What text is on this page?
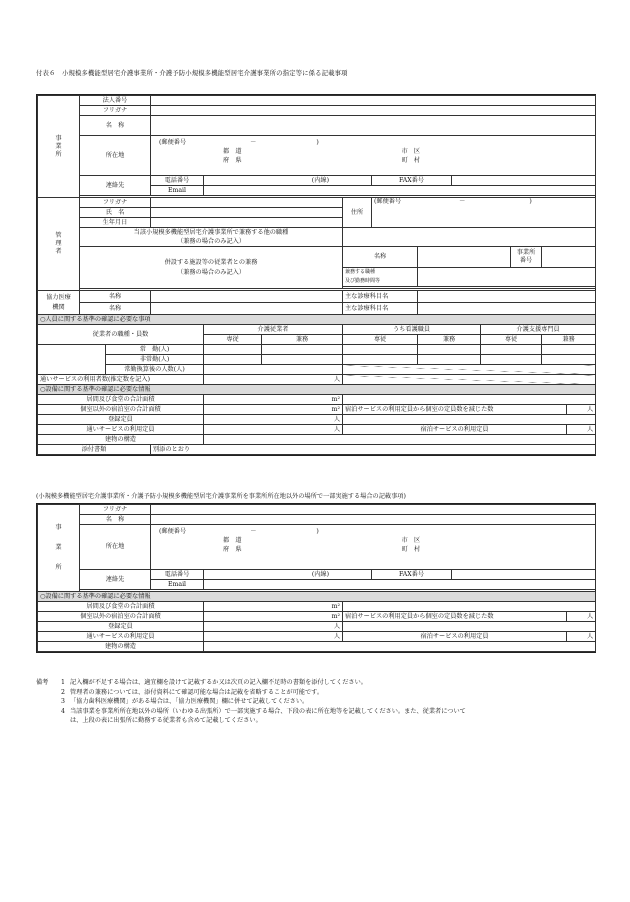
付表６　小規模多機能型居宅介護事業所・介護予防小規模多機能型居宅介護事業所の指定等に係る記載事項
事
業
所	法人番号												
	フリガナ												
	名　称												
	所在地		(郵便番号 － )
都　道 市　区
府　県 町　村										
	連絡先		電話番号	(内線)			FAX番号						
			Email										

管
理
者	フリガナ					住所	(郵便番号 － )						
	氏　名												
	生年月日												
	当該小規模多機能型居宅介護事業所で兼務する他の職種
（兼務の場合のみ記入）												
	併設する施設等の従業者との兼務
（兼務の場合のみ記入）					名称					事業所
番号		
						兼務する職種
及び勤務時間等							

協力医療
機関	名称					主な診療科目名							
	名称					主な診療科目名							
○人員に関する基準の確認に必要な事項													
従業者の職種・員数				介護従業者		うち看護職員				介護支援専門員			
				専従	兼務	専従		兼務		専従		兼務	
		常　勤(人)											
		非常勤(人)											
		常勤換算後の人数(人)											
通いサービスの利用者数(推定数を記入)				人									
○設備に関する基準の確認に必要な情報													
居間及び食堂の合計面積				m²									
個室以外の宿泊室の合計面積				m²		宿泊サービスの利用定員から個室の定員数を減じた数							人
登録定員				人									
通いサービスの利用定員				人		宿泊サービスの利用定員							人
建物の構造													
添付書類			別添のとおり										
(小規模多機能型居宅介護事業所・介護予防小規模多機能型居宅介護事業所を事業所所在地以外の場所で一部実施する場合の記載事項)
事
業
所	フリガナ						
	名　称						
	所在地	(郵便番号 － )
都　道 市　区
府　県 町　村					
	連絡先	電話番号	(内線)		FAX番号		
		Email					

○設備に関する基準の確認に必要な情報							
居間及び食堂の合計面積			m²				
個室以外の宿泊室の合計面積			m²	宿泊サービスの利用定員から個室の定員数を減じた数			人
登録定員			人				
通いサービスの利用定員			人	宿泊サービスの利用定員			人
建物の構造							
備考	1 記入欄が不足する場合は、適宜欄を設けて記載するか又は次頁の記入欄不足時の書類を添付してください。
2 管理者の兼務については、添付資料にて確認可能な場合は記載を省略することが可能です。
3 「協力歯科医療機関」がある場合は、「協力医療機関」欄に併せて記載してください。
4 当該事業を事業所所在地以外の場所（いわゆる出張所）で一部実施する場合、下段の表に所在地等を記載してください。また、従業者について
は、上段の表に出張所に勤務する従業者も含めて記載してください。
